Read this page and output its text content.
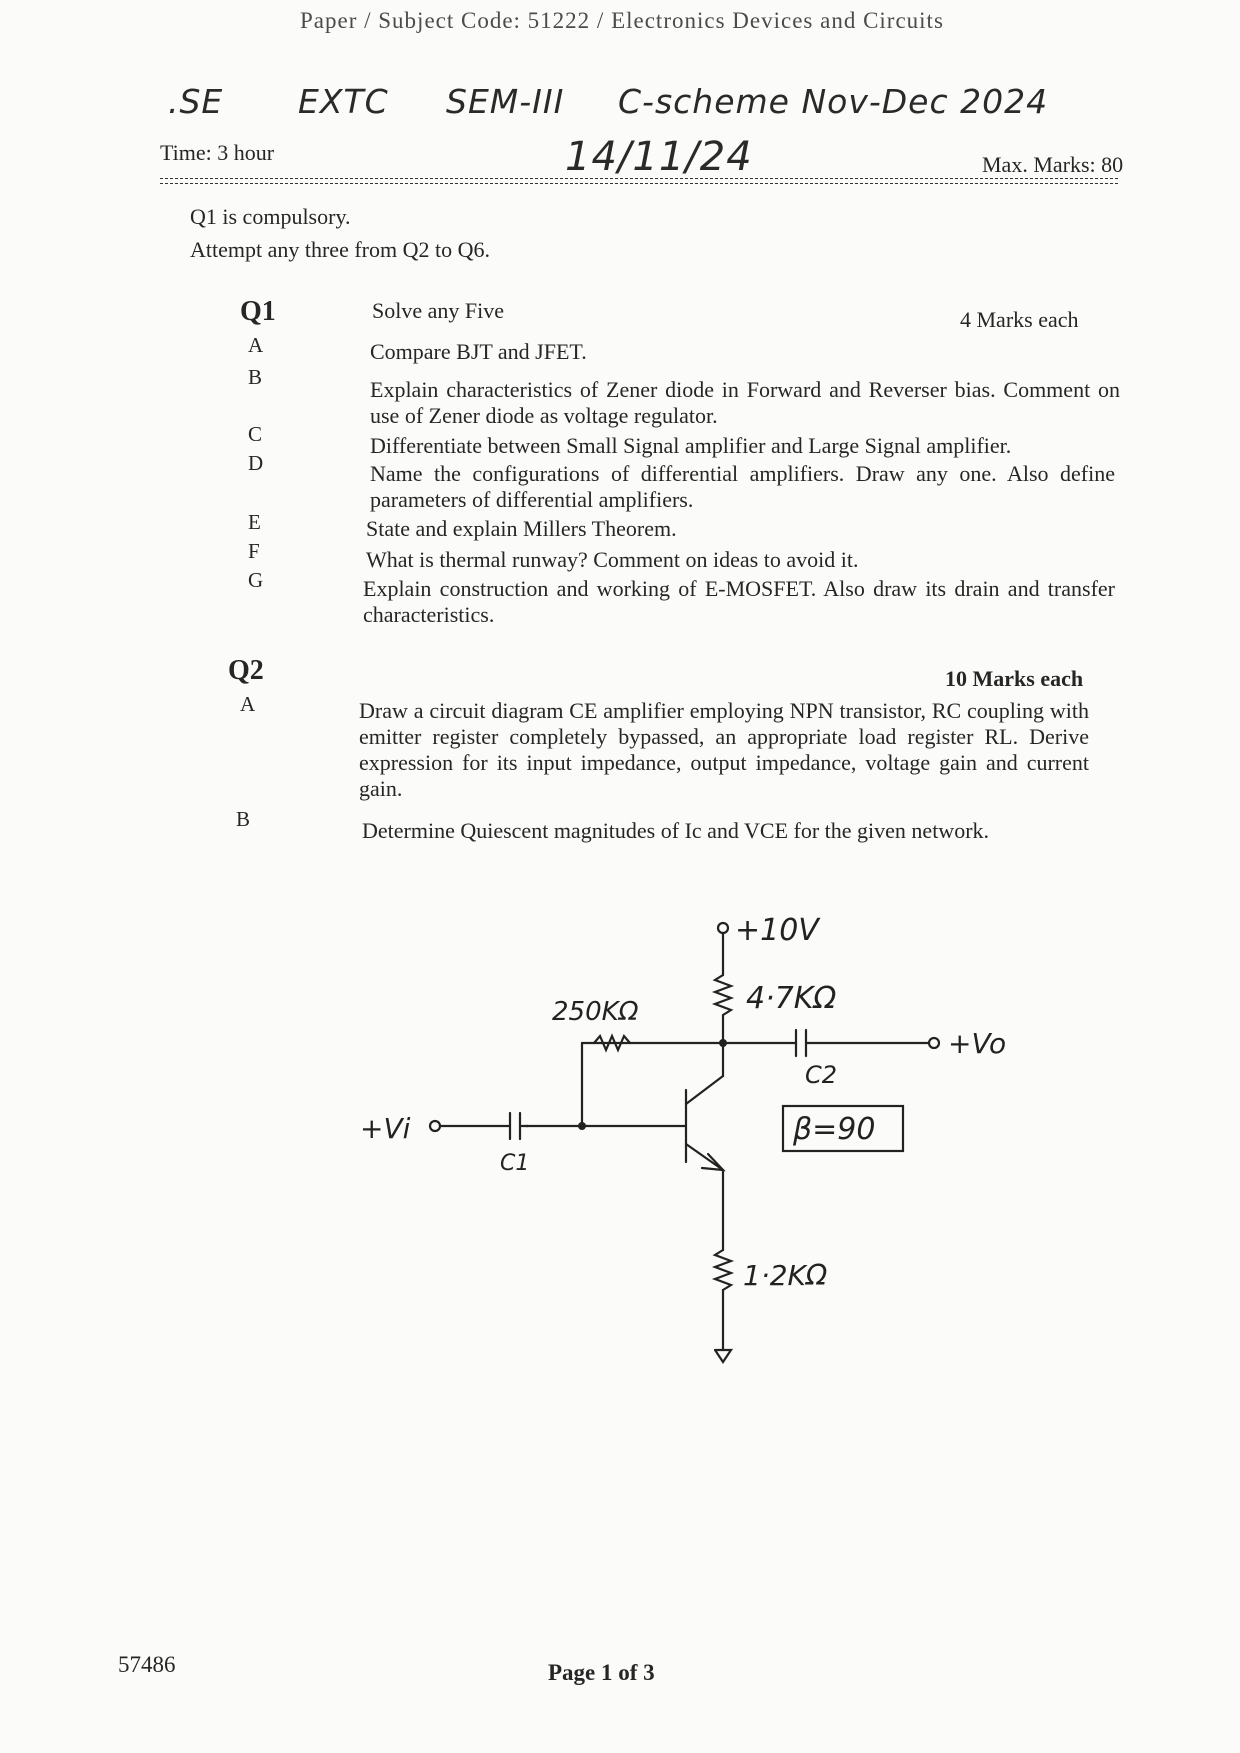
Paper / Subject Code: 51222 / Electronics Devices and Circuits
.SE EXTC SEM-III C-scheme Nov-Dec 2024
14/11/24
Time: 3 hour	Max. Marks: 80
Q1 is compulsory.
Attempt any three from Q2 to Q6.
Q1	Solve any Five	4 Marks each
A	Compare BJT and JFET.
B	Explain characteristics of Zener diode in Forward and Reverser bias. Comment on use of Zener diode as voltage regulator.
C	Differentiate between Small Signal amplifier and Large Signal amplifier.
D	Name the configurations of differential amplifiers. Draw any one. Also define parameters of differential amplifiers.
E	State and explain Millers Theorem.
F	What is thermal runway? Comment on ideas to avoid it.
G	Explain construction and working of E-MOSFET. Also draw its drain and transfer characteristics.
Q2	10 Marks each
A	Draw a circuit diagram CE amplifier employing NPN transistor, RC coupling with emitter register completely bypassed, an appropriate load register RL. Derive expression for its input impedance, output impedance, voltage gain and current gain.
B	Determine Quiescent magnitudes of Ic and VCE for the given network.
+10V
4·7KΩ
250KΩ
C2
+Vo
β=90
+Vi
C1
1·2KΩ
57486	Page 1 of 3
